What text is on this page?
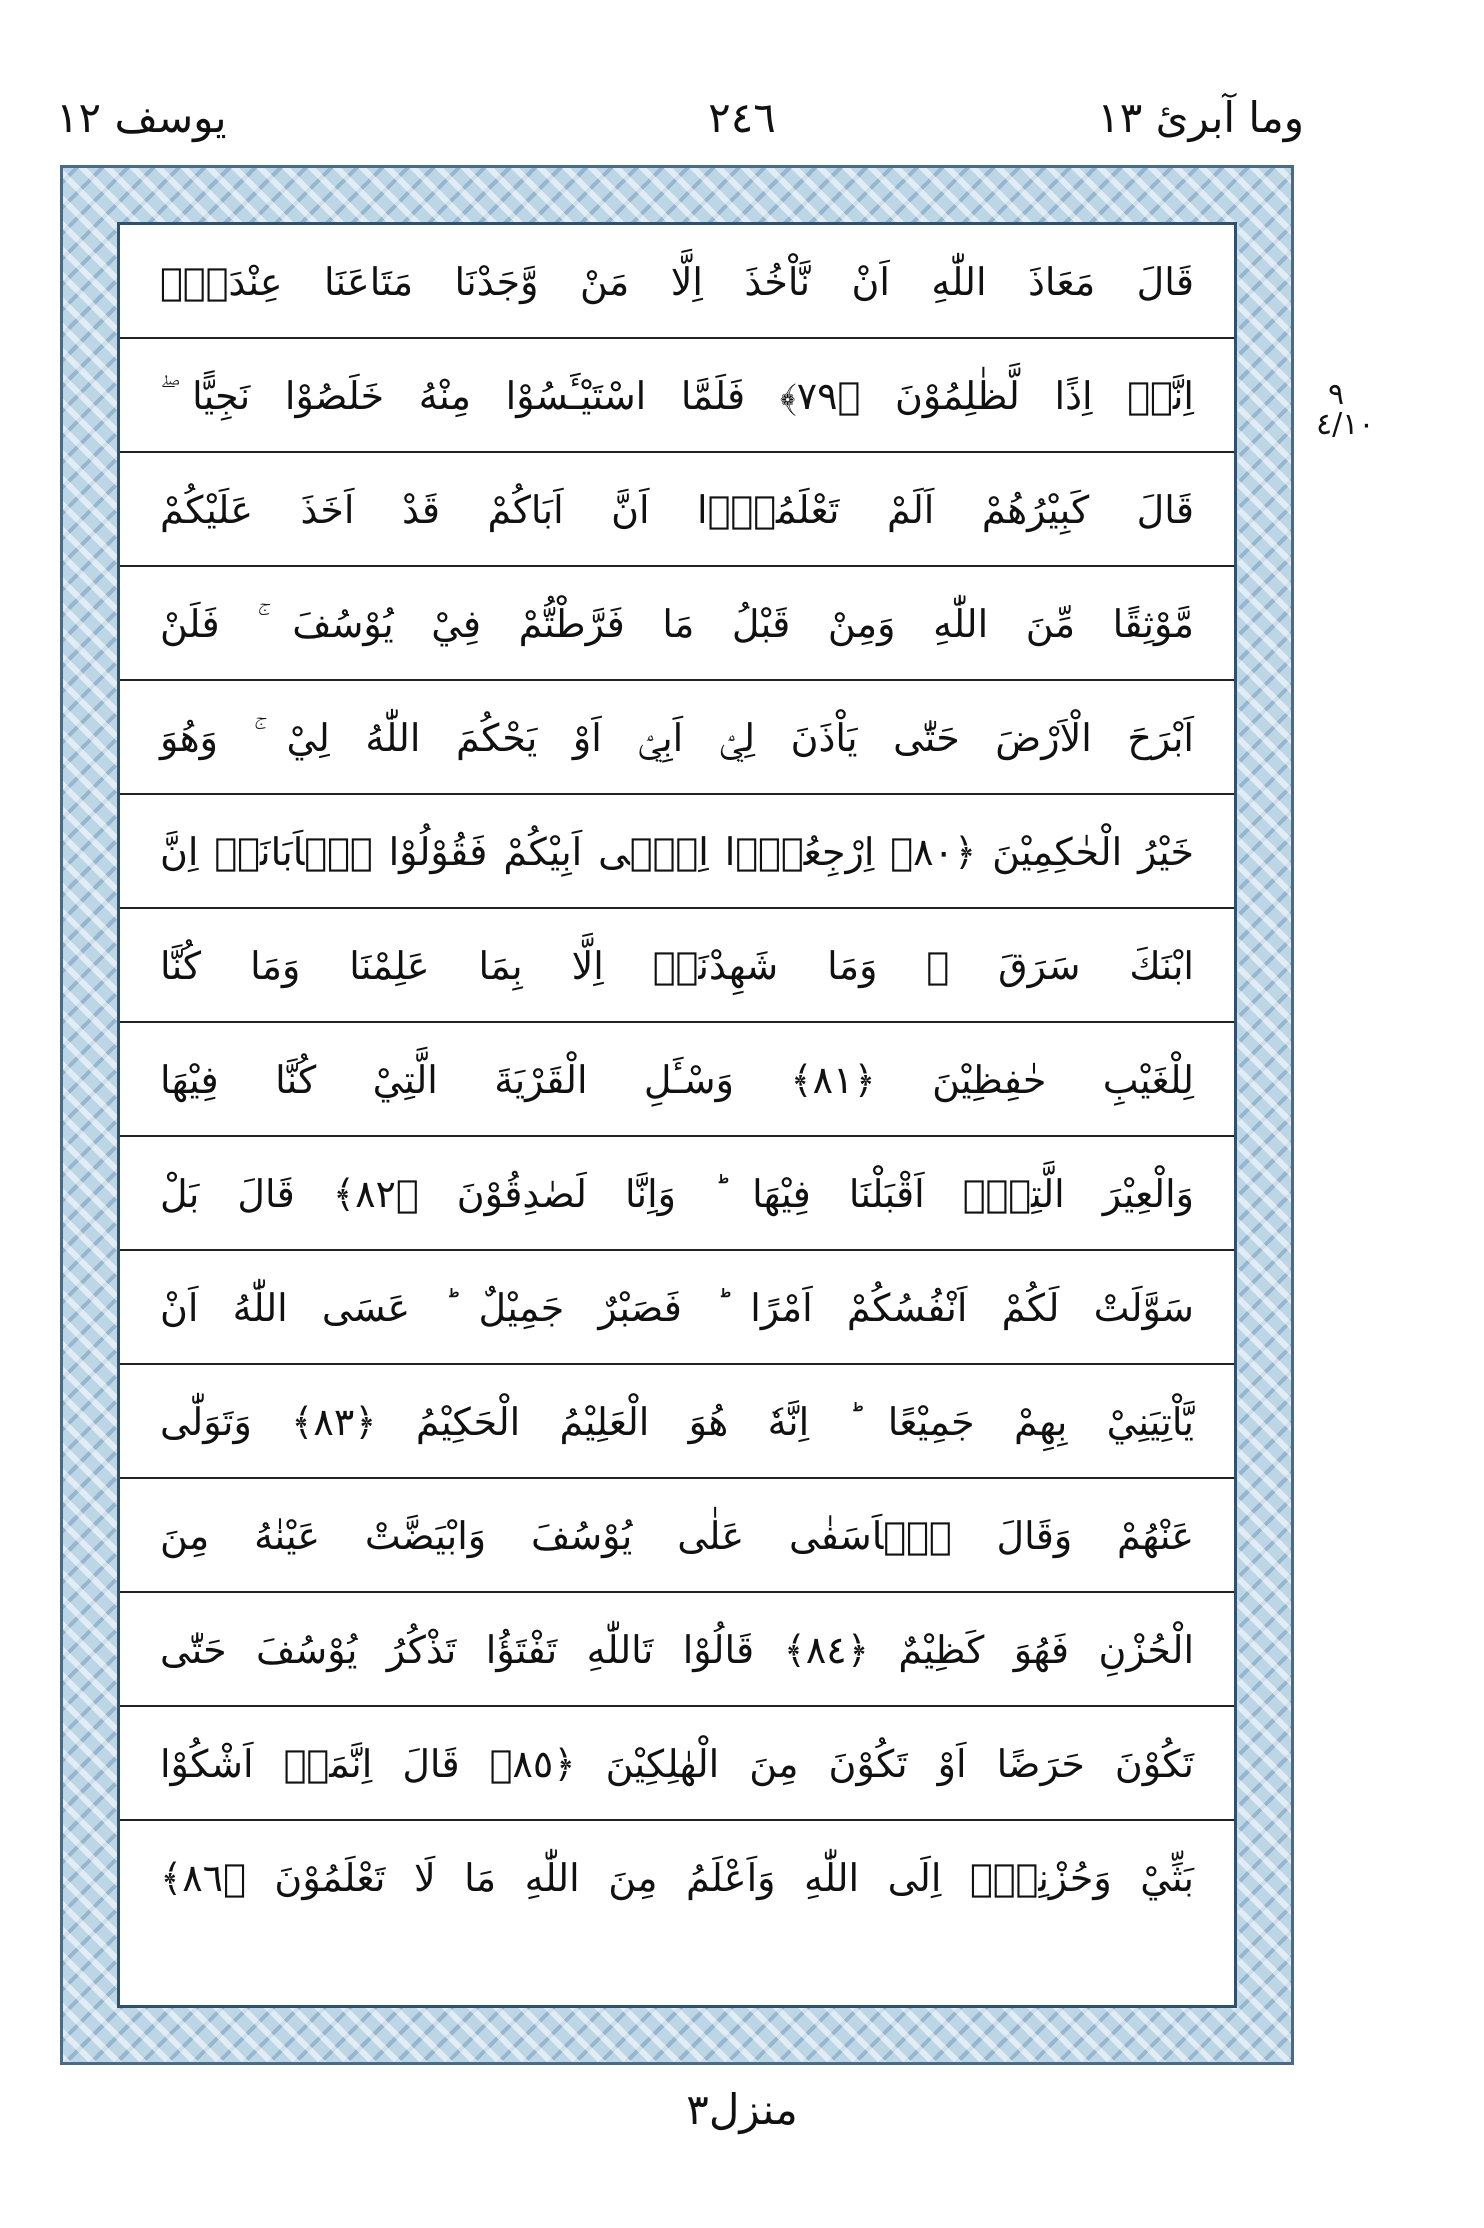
وما آبرئ ١٣
٢٤٦
يوسف ١٢
قَالَ مَعَاذَ اللّٰهِ اَنْ نَّاْخُذَ اِلَّا مَنْ وَّجَدْنَا مَتَاعَنَا عِنْدَهٗۤ
اِنَّاۤ اِذًا لَّظٰلِمُوْنَ ﴿٧٩﴾ فَلَمَّا اسْتَيْـَٔسُوْا مِنْهُ خَلَصُوْا نَجِيًّا ۖ
قَالَ كَبِيْرُهُمْ اَلَمْ تَعْلَمُوْۤا اَنَّ اَبَاكُمْ قَدْ اَخَذَ عَلَيْكُمْ
مَّوْثِقًا مِّنَ اللّٰهِ وَمِنْ قَبْلُ مَا فَرَّطْتُّمْ فِيْ يُوْسُفَ ۚ فَلَنْ
اَبْرَحَ الْاَرْضَ حَتّٰى يَاْذَنَ لِيْۤ اَبِيْۤ اَوْ يَحْكُمَ اللّٰهُ لِيْ ۚ وَهُوَ
خَيْرُ الْحٰكِمِيْنَ ﴿٨٠﴾ اِرْجِعُوْۤا اِلٰۤى اَبِيْكُمْ فَقُوْلُوْا يٰۤاَبَانَاۤ اِنَّ
ابْنَكَ سَرَقَ ۚ وَمَا شَهِدْنَاۤ اِلَّا بِمَا عَلِمْنَا وَمَا كُنَّا
لِلْغَيْبِ حٰفِظِيْنَ ﴿٨١﴾ وَسْـَٔلِ الْقَرْيَةَ الَّتِيْ كُنَّا فِيْهَا
وَالْعِيْرَ الَّتِيْۤ اَقْبَلْنَا فِيْهَا ؕ وَاِنَّا لَصٰدِقُوْنَ ﴿٨٢﴾ قَالَ بَلْ
سَوَّلَتْ لَكُمْ اَنْفُسُكُمْ اَمْرًا ؕ فَصَبْرٌ جَمِيْلٌ ؕ عَسَى اللّٰهُ اَنْ
يَّاْتِيَنِيْ بِهِمْ جَمِيْعًا ؕ اِنَّهٗ هُوَ الْعَلِيْمُ الْحَكِيْمُ ﴿٨٣﴾ وَتَوَلّٰى
عَنْهُمْ وَقَالَ يٰۤاَسَفٰى عَلٰى يُوْسُفَ وَابْيَضَّتْ عَيْنٰهُ مِنَ
الْحُزْنِ فَهُوَ كَظِيْمٌ ﴿٨٤﴾ قَالُوْا تَاللّٰهِ تَفْتَؤُا تَذْكُرُ يُوْسُفَ حَتّٰى
تَكُوْنَ حَرَضًا اَوْ تَكُوْنَ مِنَ الْهٰلِكِيْنَ ﴿٨٥﴾ قَالَ اِنَّمَاۤ اَشْكُوْا
بَثِّيْ وَحُزْنِيْۤ اِلَى اللّٰهِ وَاَعْلَمُ مِنَ اللّٰهِ مَا لَا تَعْلَمُوْنَ ﴿٨٦﴾
٩ ٤/١٠
منزل٣
